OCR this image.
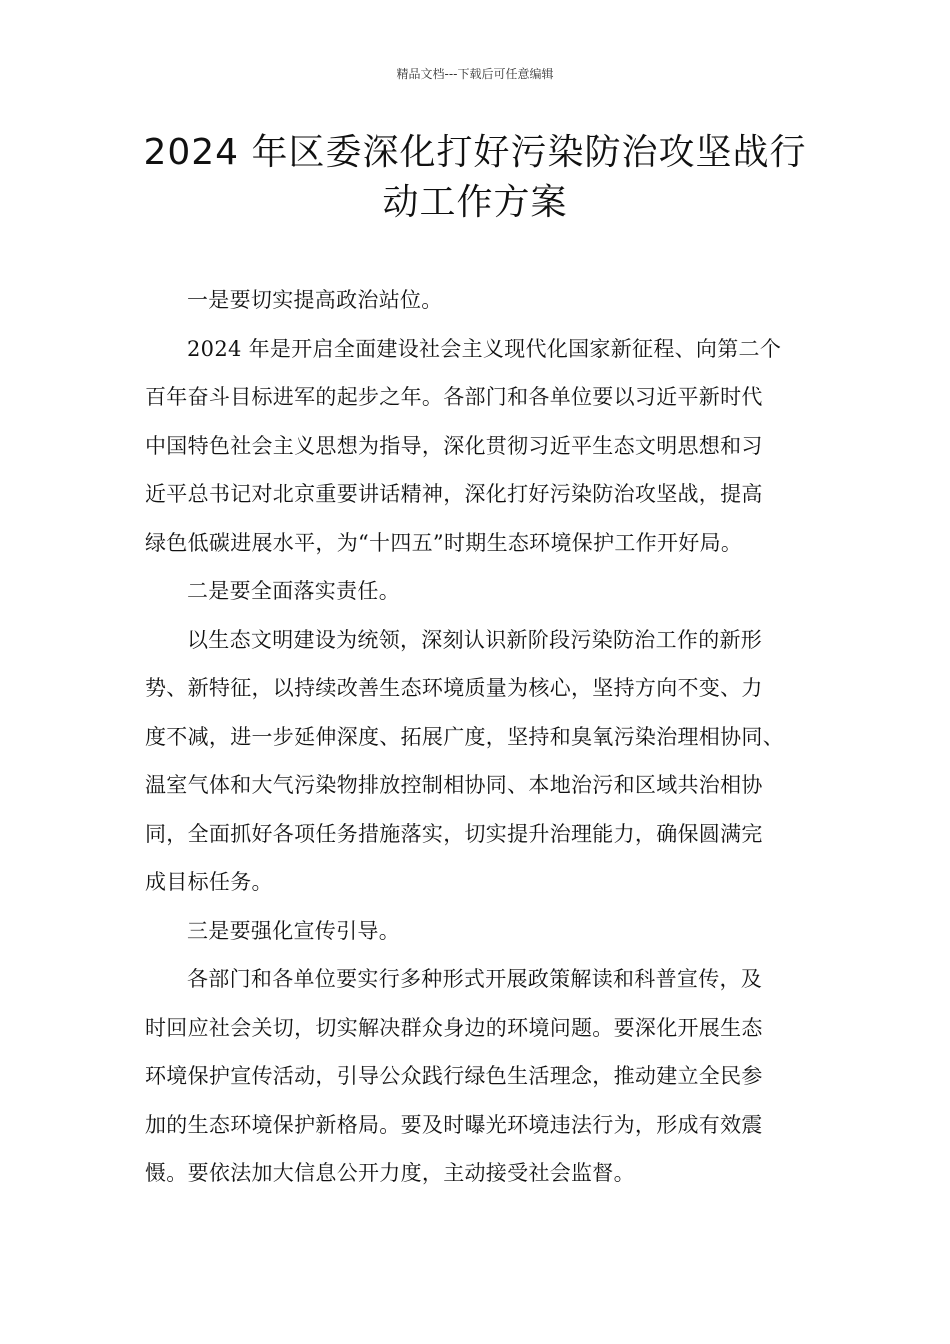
精品文档---下载后可任意编辑
2024 年区委深化打好污染防治攻坚战行
动工作方案

一是要切实提高政治站位。

2024 年是开启全面建设社会主义现代化国家新征程、向第二个
百年奋斗目标进军的起步之年。各部门和各单位要以习近平新时代
中国特色社会主义思想为指导，深化贯彻习近平生态文明思想和习
近平总书记对北京重要讲话精神，深化打好污染防治攻坚战，提高
绿色低碳进展水平，为“十四五”时期生态环境保护工作开好局。

二是要全面落实责任。

以生态文明建设为统领，深刻认识新阶段污染防治工作的新形
势、新特征，以持续改善生态环境质量为核心，坚持方向不变、力
度不减，进一步延伸深度、拓展广度，坚持和臭氧污染治理相协同、
温室气体和大气污染物排放控制相协同、本地治污和区域共治相协
同，全面抓好各项任务措施落实，切实提升治理能力，确保圆满完
成目标任务。

三是要强化宣传引导。

各部门和各单位要实行多种形式开展政策解读和科普宣传，及
时回应社会关切，切实解决群众身边的环境问题。要深化开展生态
环境保护宣传活动，引导公众践行绿色生活理念，推动建立全民参
加的生态环境保护新格局。要及时曝光环境违法行为，形成有效震
慑。要依法加大信息公开力度，主动接受社会监督。
